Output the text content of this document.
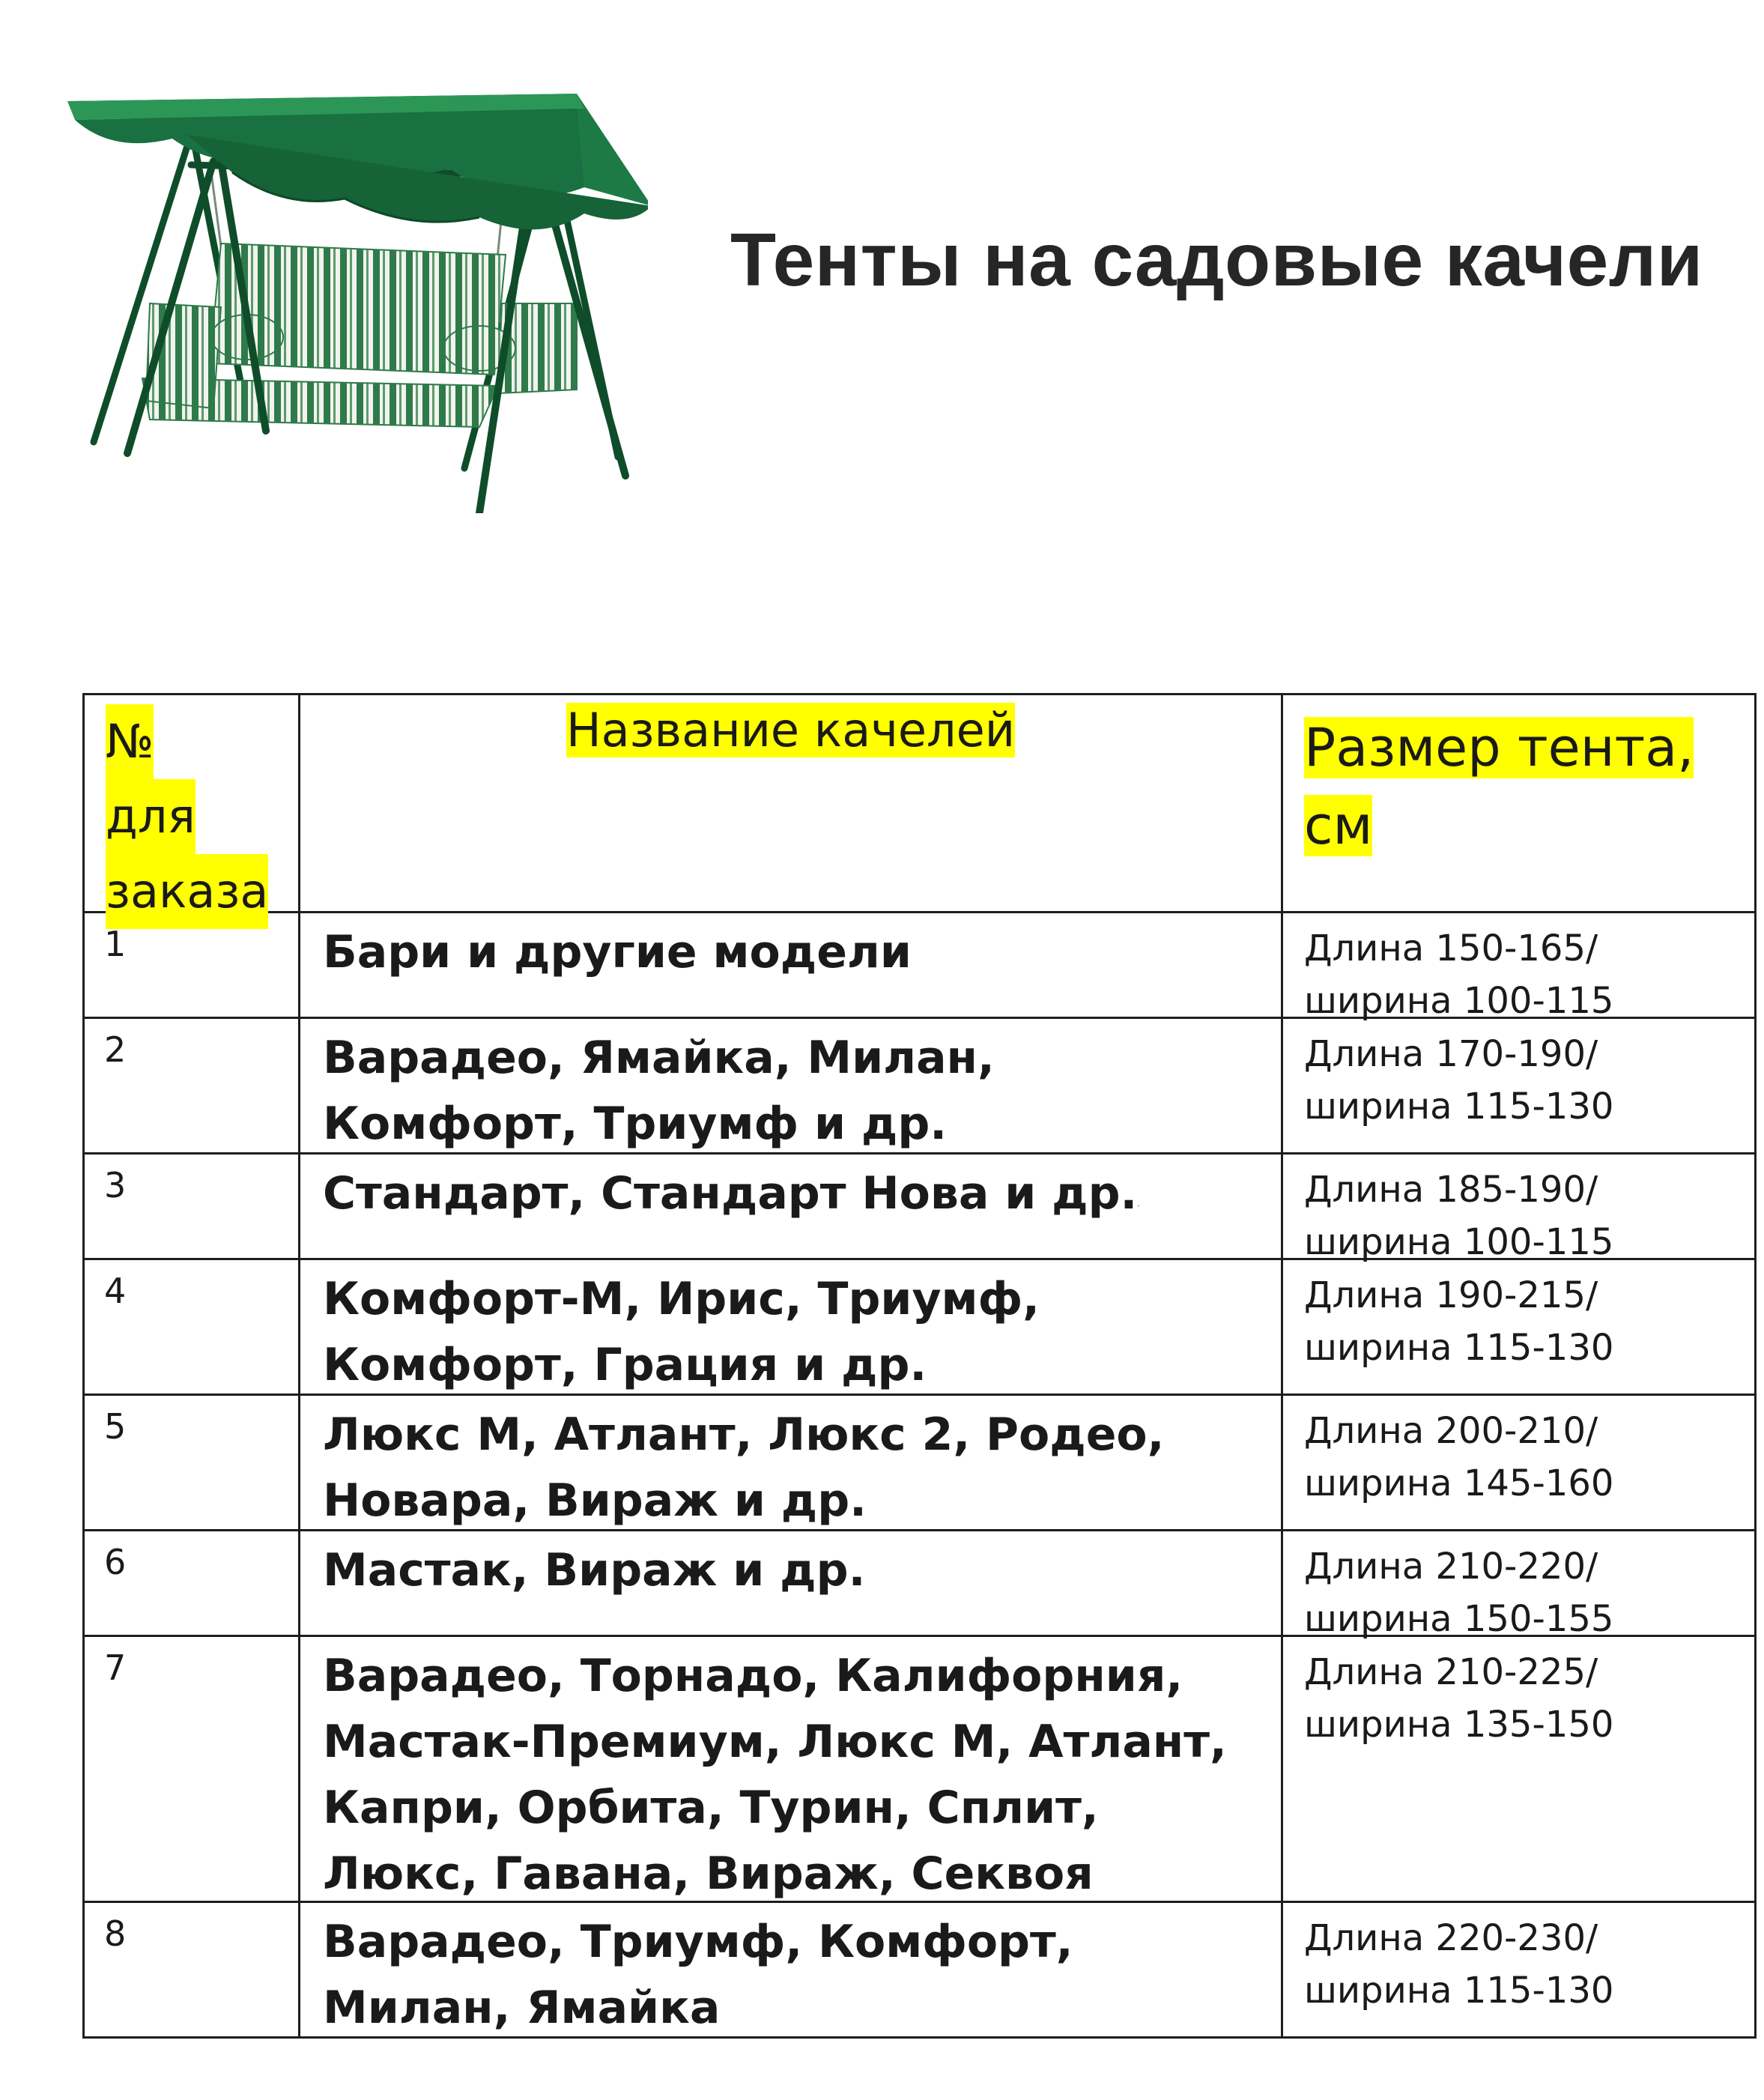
Тенты на садовые качели
№
для
заказа	Название качелей	Размер тента,
см

1	Бари и другие модели	Длина 150-165/
ширина 100-115

2	Варадео, Ямайка, Милан, Комфорт, Триумф и др.	Длина 170-190/
ширина 115-130

3	Стандарт, Стандарт Нова и др.·	Длина 185-190/
ширина 100-115

4	Комфорт-М, Ирис, Триумф, Комфорт, Грация и др.	Длина 190-215/
ширина 115-130

5	Люкс М, Атлант, Люкс 2, Родео, Новара, Вираж и др.	Длина 200-210/
ширина 145-160

6	Мастак, Вираж и др.	Длина 210-220/
ширина 150-155

7	Варадео, Торнадо, Калифорния, Мастак-Премиум, Люкс М, Атлант, Капри, Орбита, Турин, Сплит, Люкс, Гавана, Вираж, Секвоя	Длина 210-225/
ширина 135-150

8	Варадео, Триумф, Комфорт, Милан, Ямайка	Длина 220-230/
ширина 115-130
